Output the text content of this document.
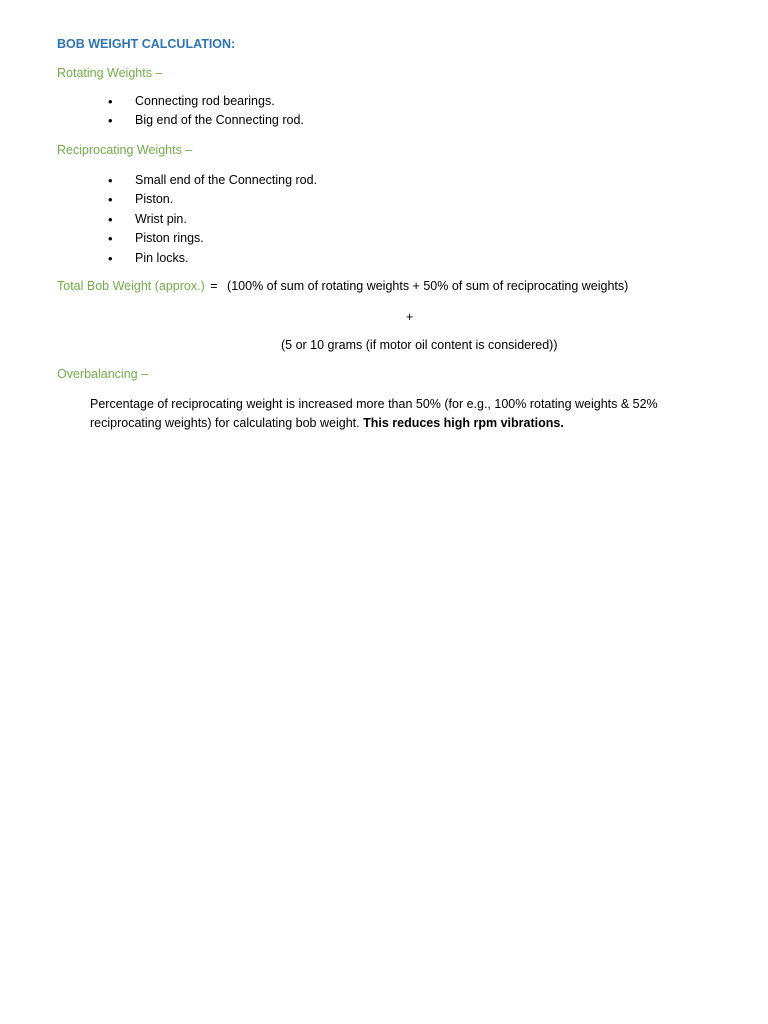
BOB WEIGHT CALCULATION:
Rotating Weights –
• Connecting rod bearings.
• Big end of the Connecting rod.
Reciprocating Weights –
• Small end of the Connecting rod.
• Piston.
• Wrist pin.
• Piston rings.
• Pin locks.
Total Bob Weight (approx.) = (100% of sum of rotating weights + 50% of sum of reciprocating weights)
+
(5 or 10 grams (if motor oil content is considered))
Overbalancing –
Percentage of reciprocating weight is increased more than 50% (for e.g., 100% rotating weights & 52% reciprocating weights) for calculating bob weight. This reduces high rpm vibrations.
